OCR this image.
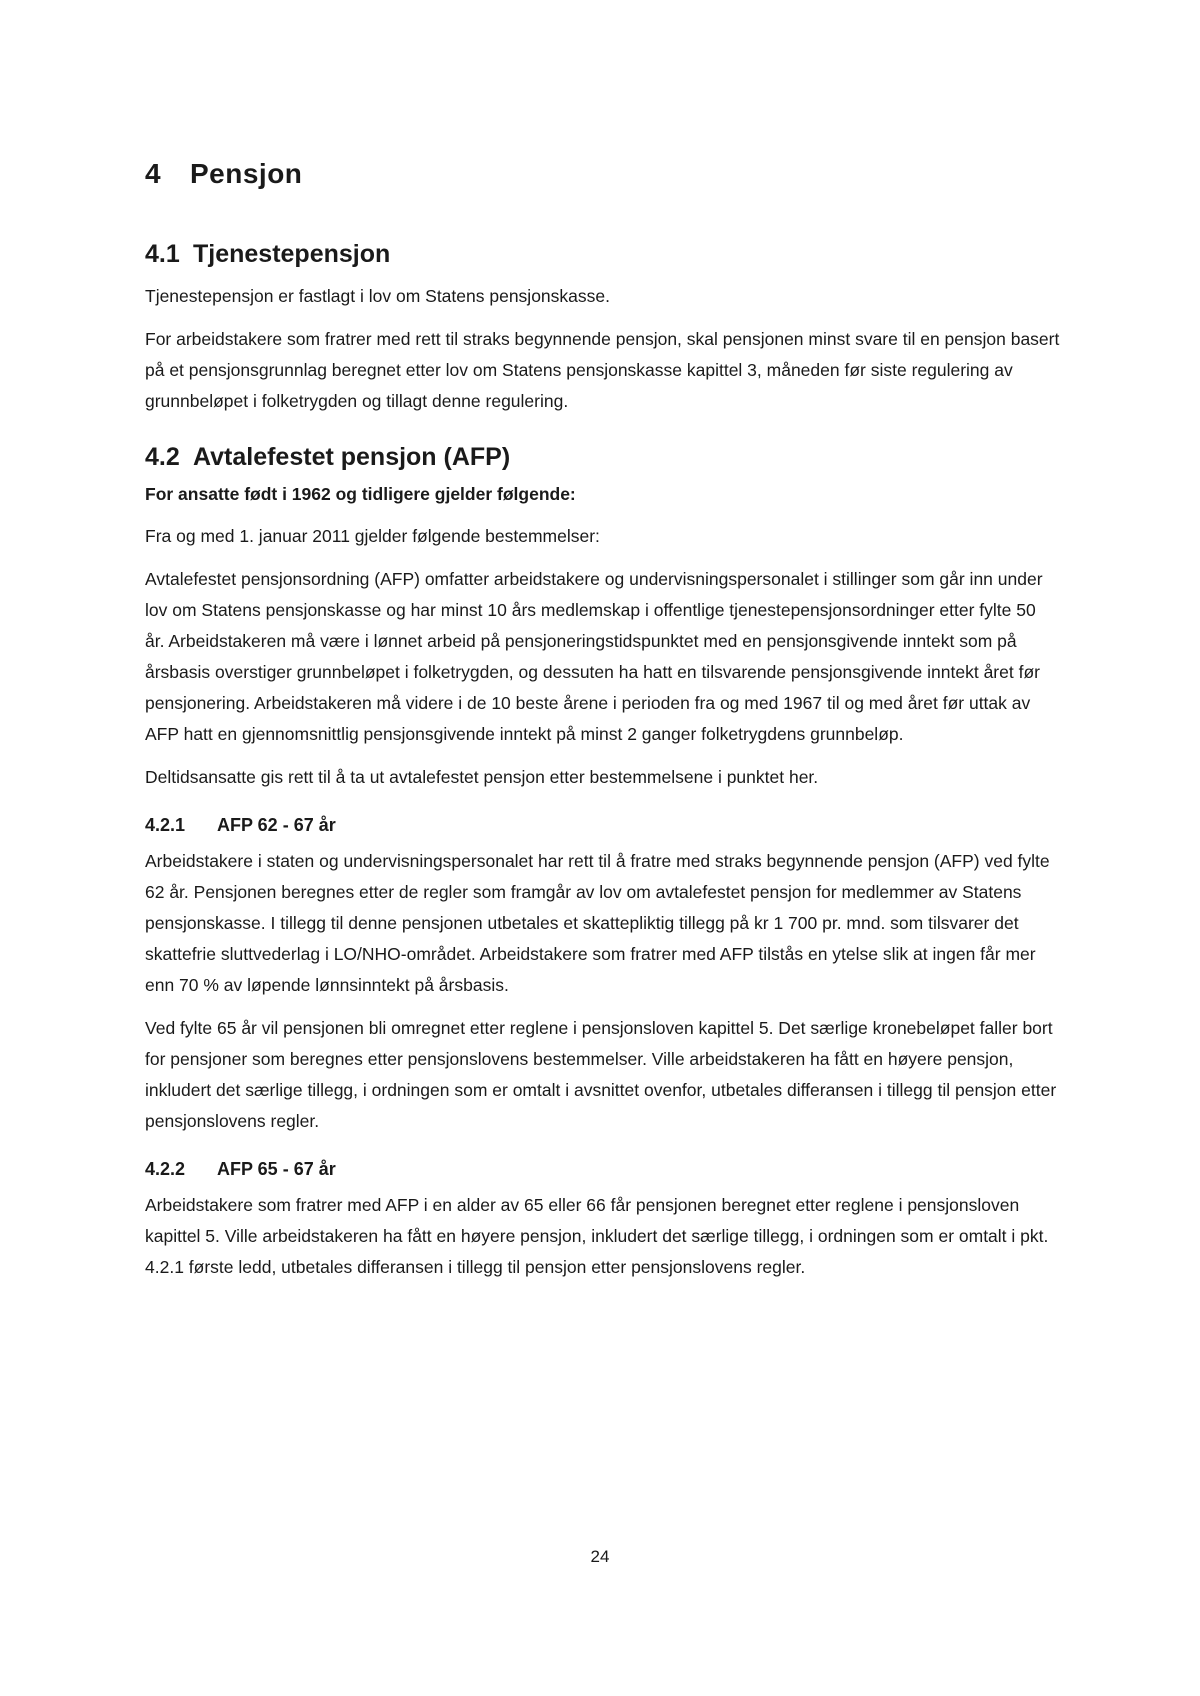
4 Pensjon
4.1 Tjenestepensjon

Tjenestepensjon er fastlagt i lov om Statens pensjonskasse.

For arbeidstakere som fratrer med rett til straks begynnende pensjon, skal pensjonen minst svare til en pensjon basert på et pensjonsgrunnlag beregnet etter lov om Statens pensjonskasse kapittel 3, måneden før siste regulering av grunnbeløpet i folketrygden og tillagt denne regulering.

4.2 Avtalefestet pensjon (AFP)
For ansatte født i 1962 og tidligere gjelder følgende:

Fra og med 1. januar 2011 gjelder følgende bestemmelser:

Avtalefestet pensjonsordning (AFP) omfatter arbeidstakere og undervisningspersonalet i stillinger som går inn under lov om Statens pensjonskasse og har minst 10 års medlemskap i offentlige tjenestepensjonsordninger etter fylte 50 år. Arbeidstakeren må være i lønnet arbeid på pensjoneringstidspunktet med en pensjonsgivende inntekt som på årsbasis overstiger grunnbeløpet i folketrygden, og dessuten ha hatt en tilsvarende pensjonsgivende inntekt året før pensjonering. Arbeidstakeren må videre i de 10 beste årene i perioden fra og med 1967 til og med året før uttak av AFP hatt en gjennomsnittlig pensjonsgivende inntekt på minst 2 ganger folketrygdens grunnbeløp.

Deltidsansatte gis rett til å ta ut avtalefestet pensjon etter bestemmelsene i punktet her.

4.2.1 AFP 62 - 67 år

Arbeidstakere i staten og undervisningspersonalet har rett til å fratre med straks begynnende pensjon (AFP) ved fylte 62 år. Pensjonen beregnes etter de regler som framgår av lov om avtalefestet pensjon for medlemmer av Statens pensjonskasse. I tillegg til denne pensjonen utbetales et skattepliktig tillegg på kr 1 700 pr. mnd. som tilsvarer det skattefrie sluttvederlag i LO/NHO-området. Arbeidstakere som fratrer med AFP tilstås en ytelse slik at ingen får mer enn 70 % av løpende lønnsinntekt på årsbasis.

Ved fylte 65 år vil pensjonen bli omregnet etter reglene i pensjonsloven kapittel 5. Det særlige kronebeløpet faller bort for pensjoner som beregnes etter pensjonslovens bestemmelser. Ville arbeidstakeren ha fått en høyere pensjon, inkludert det særlige tillegg, i ordningen som er omtalt i avsnittet ovenfor, utbetales differansen i tillegg til pensjon etter pensjonslovens regler.

4.2.2 AFP 65 - 67 år

Arbeidstakere som fratrer med AFP i en alder av 65 eller 66 får pensjonen beregnet etter reglene i pensjonsloven kapittel 5. Ville arbeidstakeren ha fått en høyere pensjon, inkludert det særlige tillegg, i ordningen som er omtalt i pkt. 4.2.1 første ledd, utbetales differansen i tillegg til pensjon etter pensjonslovens regler.

24
